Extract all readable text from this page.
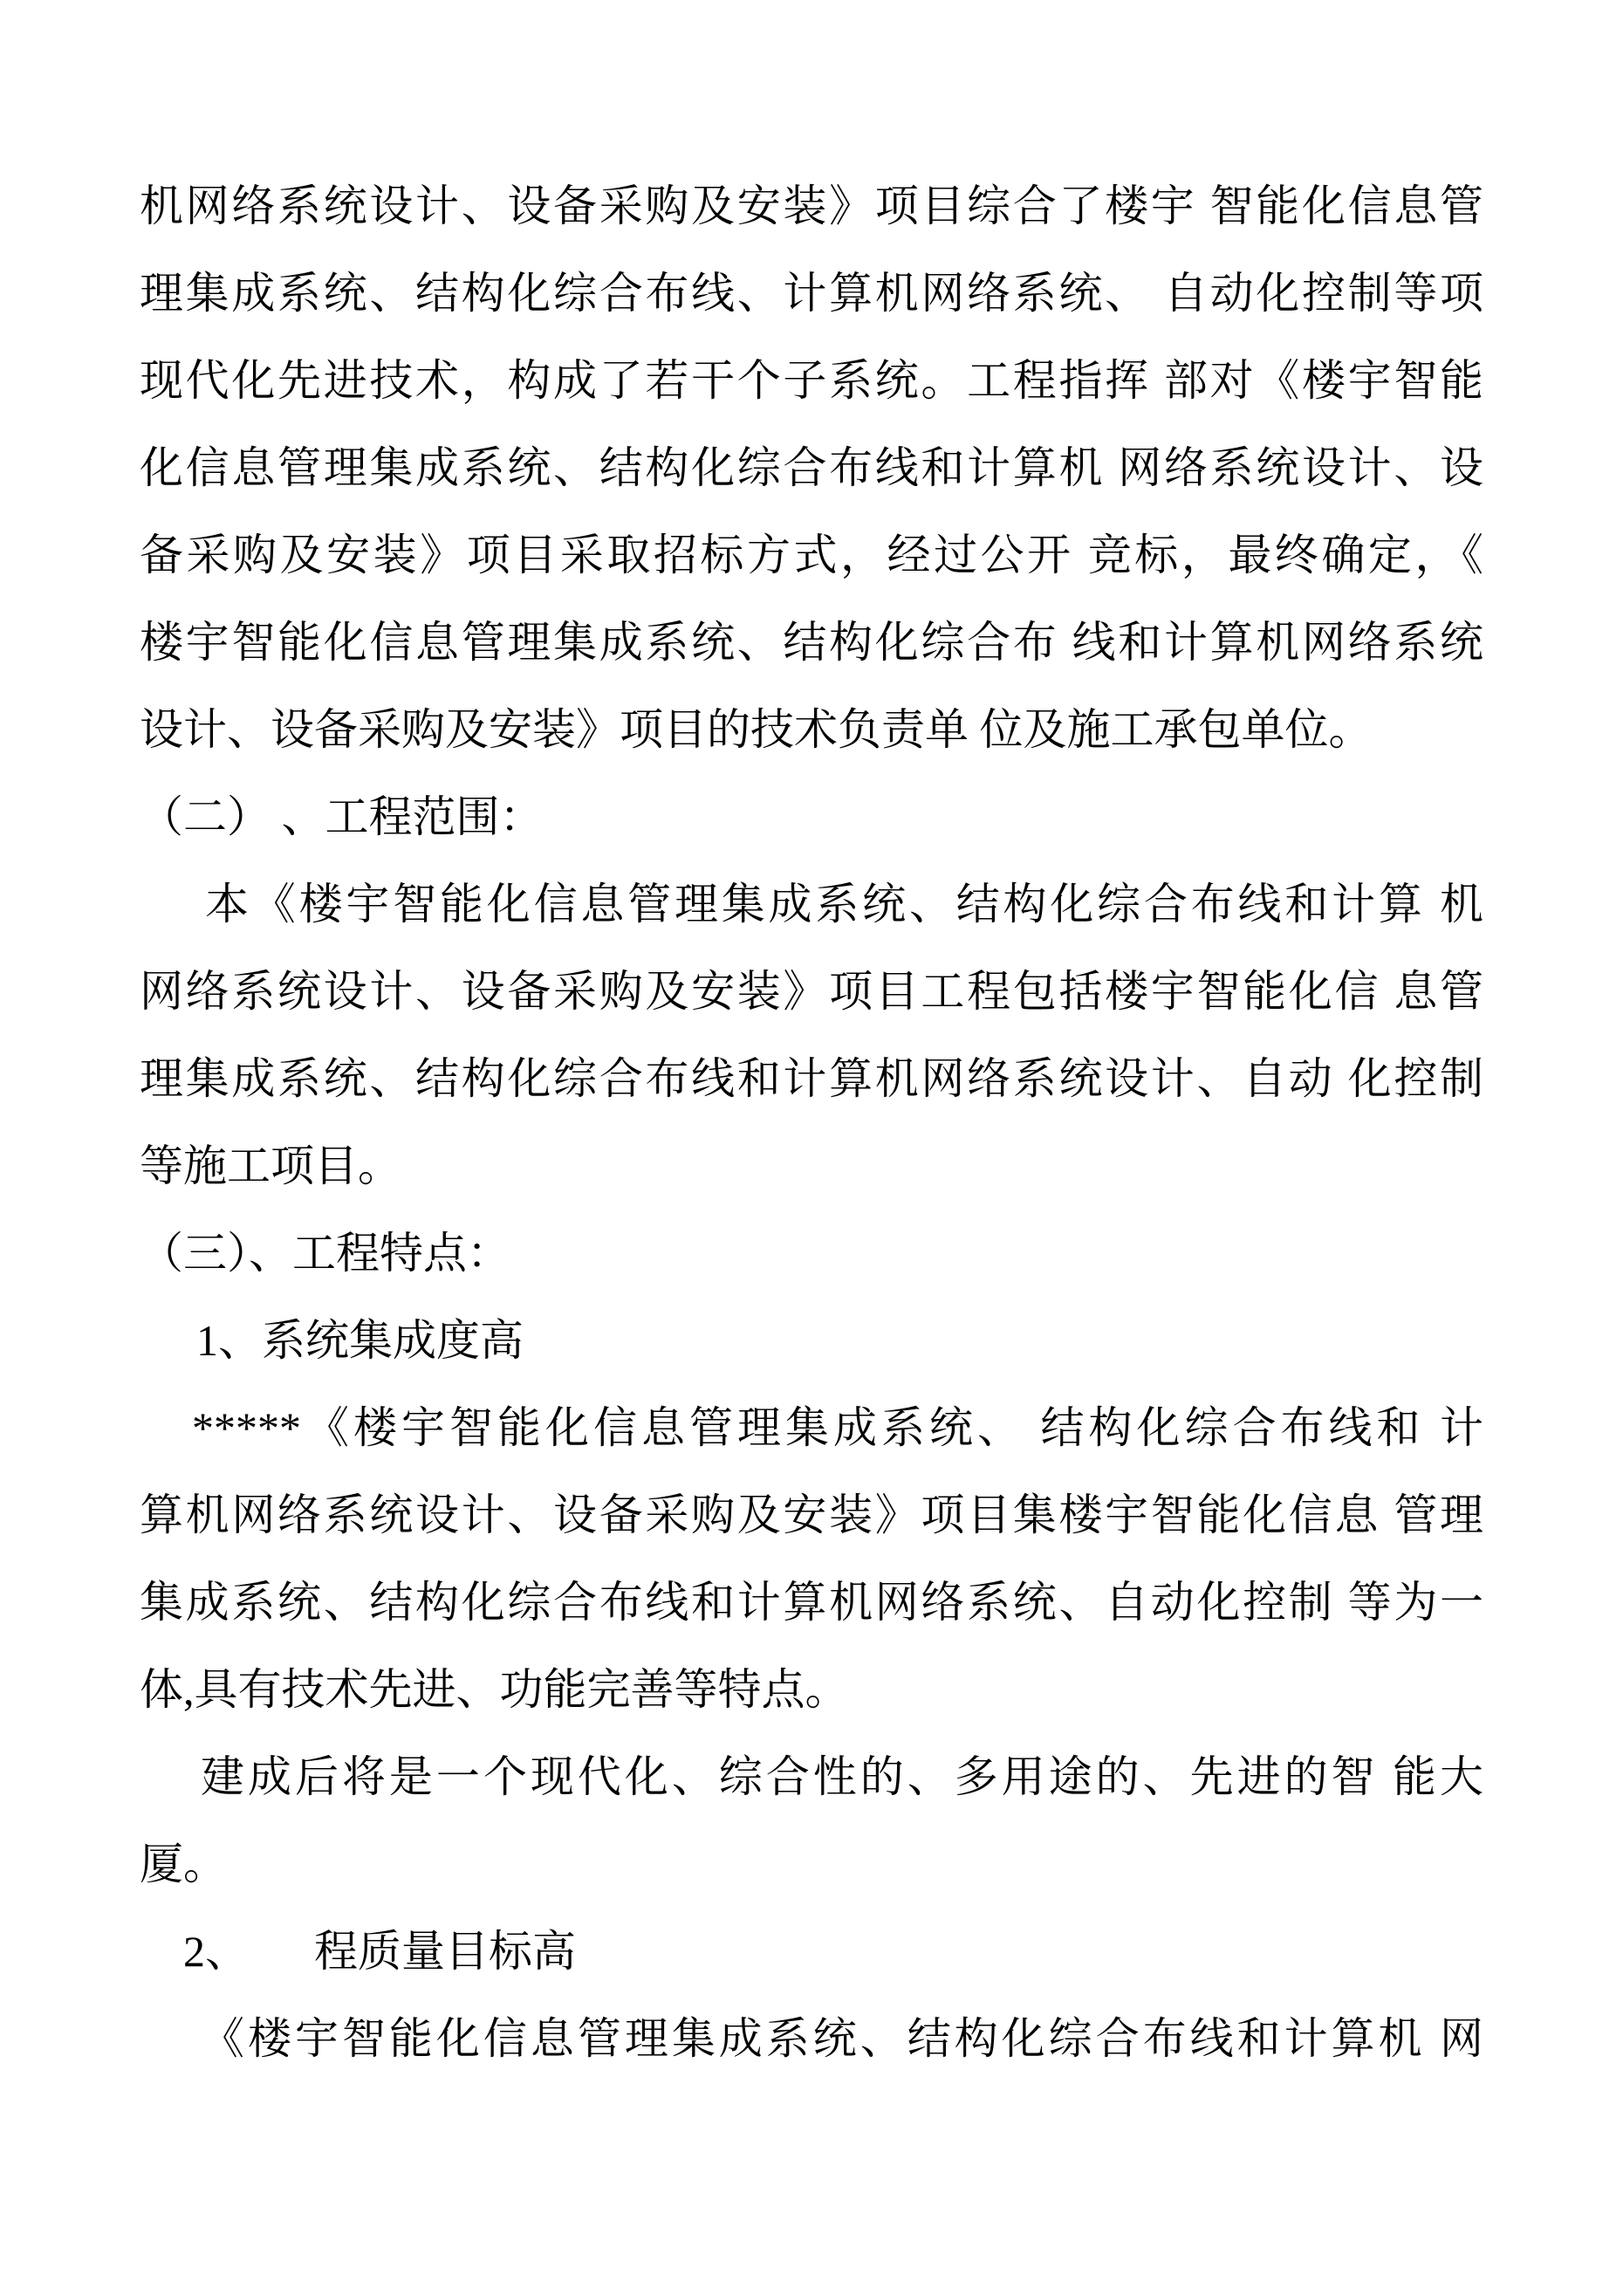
机网络系统设计、设备采购及安装》项目综合了楼宇 智能化信息管
理集成系统、结构化综合布线、计算机网络系统、 自动化控制等项
现代化先进技术，构成了若干个子系统。工程指挥 部对《楼宇智能
化信息管理集成系统、结构化综合布线和计算机 网络系统设计、设
备采购及安装》项目采取招标方式，经过公开 竞标，最终确定，《
楼宇智能化信息管理集成系统、结构化综合布 线和计算机网络系统
设计、设备采购及安装》项目的技术负责单 位及施工承包单位。
（二） 、工程范围：
本《楼宇智能化信息管理集成系统、结构化综合布线和计算 机
网络系统设计、设备采购及安装》项目工程包括楼宇智能化信 息管
理集成系统、结构化综合布线和计算机网络系统设计、自动 化控制
等施工项目。
（三）、工程特点：
1、系统集成度高
*****《楼宇智能化信息管理集成系统、 结构化综合布线和 计
算机网络系统设计、设备采购及安装》项目集楼宇智能化信息 管理
集成系统、结构化综合布线和计算机网络系统、自动化控制 等为一
体,具有技术先进、功能完善等特点。
建成后将是一个现代化、综合性的、多用途的、先进的智 能大
厦。
2、　　程质量目标高
《楼宇智能化信息管理集成系统、结构化综合布线和计算机 网
